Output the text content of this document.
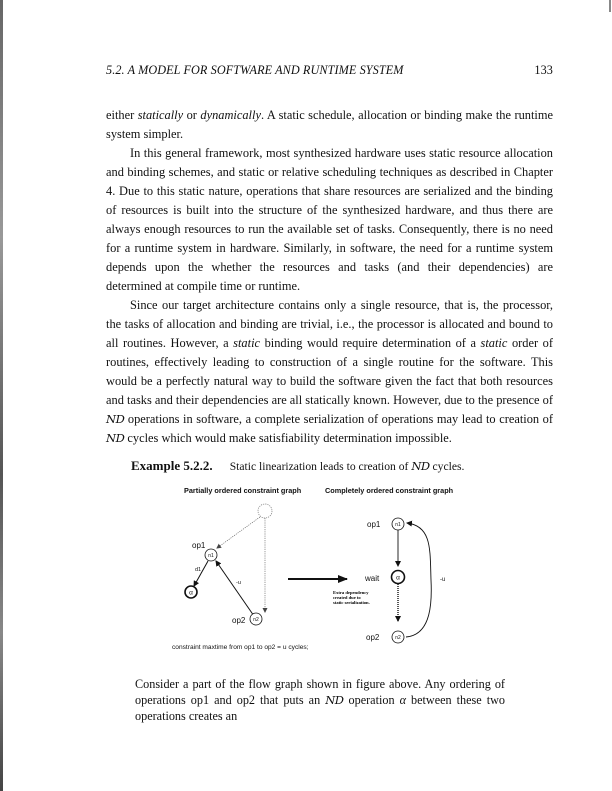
5.2. A MODEL FOR SOFTWARE AND RUNTIME SYSTEM	133

either statically or dynamically. A static schedule, allocation or binding make the runtime system simpler.

In this general framework, most synthesized hardware uses static resource allocation and binding schemes, and static or relative scheduling techniques as described in Chapter 4. Due to this static nature, operations that share resources are serialized and the binding of resources is built into the structure of the synthesized hardware, and thus there are always enough resources to run the available set of tasks. Consequently, there is no need for a runtime system in hardware. Similarly, in software, the need for a runtime system depends upon the whether the resources and tasks (and their dependencies) are determined at compile time or runtime.

Since our target architecture contains only a single resource, that is, the processor, the tasks of allocation and binding are trivial, i.e., the processor is allocated and bound to all routines. However, a static binding would require determination of a static order of routines, effectively leading to construction of a single routine for the software. This would be a perfectly natural way to build the software given the fact that both resources and tasks and their dependencies are all statically known. However, due to the presence of ND operations in software, a complete serialization of operations may lead to creation of ND cycles which would make satisfiability determination impossible.

Example 5.2.2. Static linearization leads to creation of ND cycles.
Partially ordered constraint graph	Completely ordered constraint graph
op1
n1
d1
α
-u
op2 n2
op1	n1
wait	α
Extra dependency
created due to
static serialization.
op2	n2
-u
constraint maxtime from op1 to op2 = u cycles;

Consider a part of the flow graph shown in figure above. Any ordering of operations op1 and op2 that puts an ND operation α between these two operations creates an
